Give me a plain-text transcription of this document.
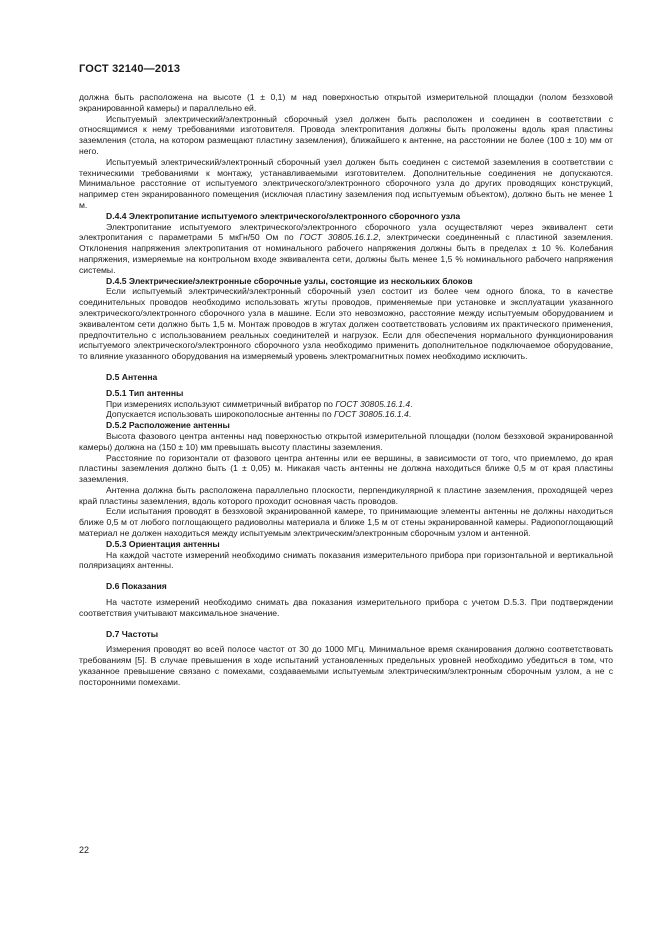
ГОСТ 32140—2013

должна быть расположена на высоте (1 ± 0,1) м над поверхностью открытой измерительной площадки (полом безэховой экранированной камеры) и параллельно ей.

Испытуемый электрический/электронный сборочный узел должен быть расположен и соединен в соответствии с относящимися к нему требованиями изготовителя. Провода электропитания должны быть проложены вдоль края пластины заземления (стола, на котором размещают пластину заземления), ближайшего к антенне, на расстоянии не более (100 ± 10) мм от него.

Испытуемый электрический/электронный сборочный узел должен быть соединен с системой заземления в соответствии с техническими требованиями к монтажу, устанавливаемыми изготовителем. Дополнительные соединения не допускаются. Минимальное расстояние от испытуемого электрического/электронного сборочного узла до других проводящих конструкций, например стен экранированного помещения (исключая пластину заземления под испытуемым объектом), должно быть не менее 1 м.

D.4.4 Электропитание испытуемого электрического/электронного сборочного узла

Электропитание испытуемого электрического/электронного сборочного узла осуществляют через эквивалент сети электропитания с параметрами 5 мкГн/50 Ом по ГОСТ 30805.16.1.2, электрически соединенный с пластиной заземления. Отклонения напряжения электропитания от номинального рабочего напряжения должны быть в пределах ± 10 %. Колебания напряжения, измеряемые на контрольном входе эквивалента сети, должны быть менее 1,5 % номинального рабочего напряжения системы.

D.4.5 Электрические/электронные сборочные узлы, состоящие из нескольких блоков

Если испытуемый электрический/электронный сборочный узел состоит из более чем одного блока, то в качестве соединительных проводов необходимо использовать жгуты проводов, применяемые при установке и эксплуатации указанного электрического/электронного сборочного узла в машине. Если это невозможно, расстояние между испытуемым оборудованием и эквивалентом сети должно быть 1,5 м. Монтаж проводов в жгутах должен соответствовать условиям их практического применения, предпочтительно с использованием реальных соединителей и нагрузок. Если для обеспечения нормального функционирования испытуемого электрического/электронного сборочного узла необходимо применить дополнительное подключаемое оборудование, то влияние указанного оборудования на измеряемый уровень электромагнитных помех необходимо исключить.

D.5 Антенна
D.5.1 Тип антенны

При измерениях используют симметричный вибратор по ГОСТ 30805.16.1.4.

Допускается использовать широкополосные антенны по ГОСТ 30805.16.1.4.

D.5.2 Расположение антенны

Высота фазового центра антенны над поверхностью открытой измерительной площадки (полом безэховой экранированной камеры) должна на (150 ± 10) мм превышать высоту пластины заземления.

Расстояние по горизонтали от фазового центра антенны или ее вершины, в зависимости от того, что приемлемо, до края пластины заземления должно быть (1 ± 0,05) м. Никакая часть антенны не должна находиться ближе 0,5 м от края пластины заземления.

Антенна должна быть расположена параллельно плоскости, перпендикулярной к пластине заземления, проходящей через край пластины заземления, вдоль которого проходит основная часть проводов.

Если испытания проводят в безэховой экранированной камере, то принимающие элементы антенны не должны находиться ближе 0,5 м от любого поглощающего радиоволны материала и ближе 1,5 м от стены экранированной камеры. Радиопоглощающий материал не должен находиться между испытуемым электрическим/электронным сборочным узлом и антенной.

D.5.3 Ориентация антенны

На каждой частоте измерений необходимо снимать показания измерительного прибора при горизонтальной и вертикальной поляризациях антенны.

D.6 Показания

На частоте измерений необходимо снимать два показания измерительного прибора с учетом D.5.3. При подтверждении соответствия учитывают максимальное значение.

D.7 Частоты

Измерения проводят во всей полосе частот от 30 до 1000 МГц. Минимальное время сканирования должно соответствовать требованиям [5]. В случае превышения в ходе испытаний установленных предельных уровней необходимо убедиться в том, что указанное превышение связано с помехами, создаваемыми испытуемым электрическим/электронным сборочным узлом, а не с посторонними помехами.

22
